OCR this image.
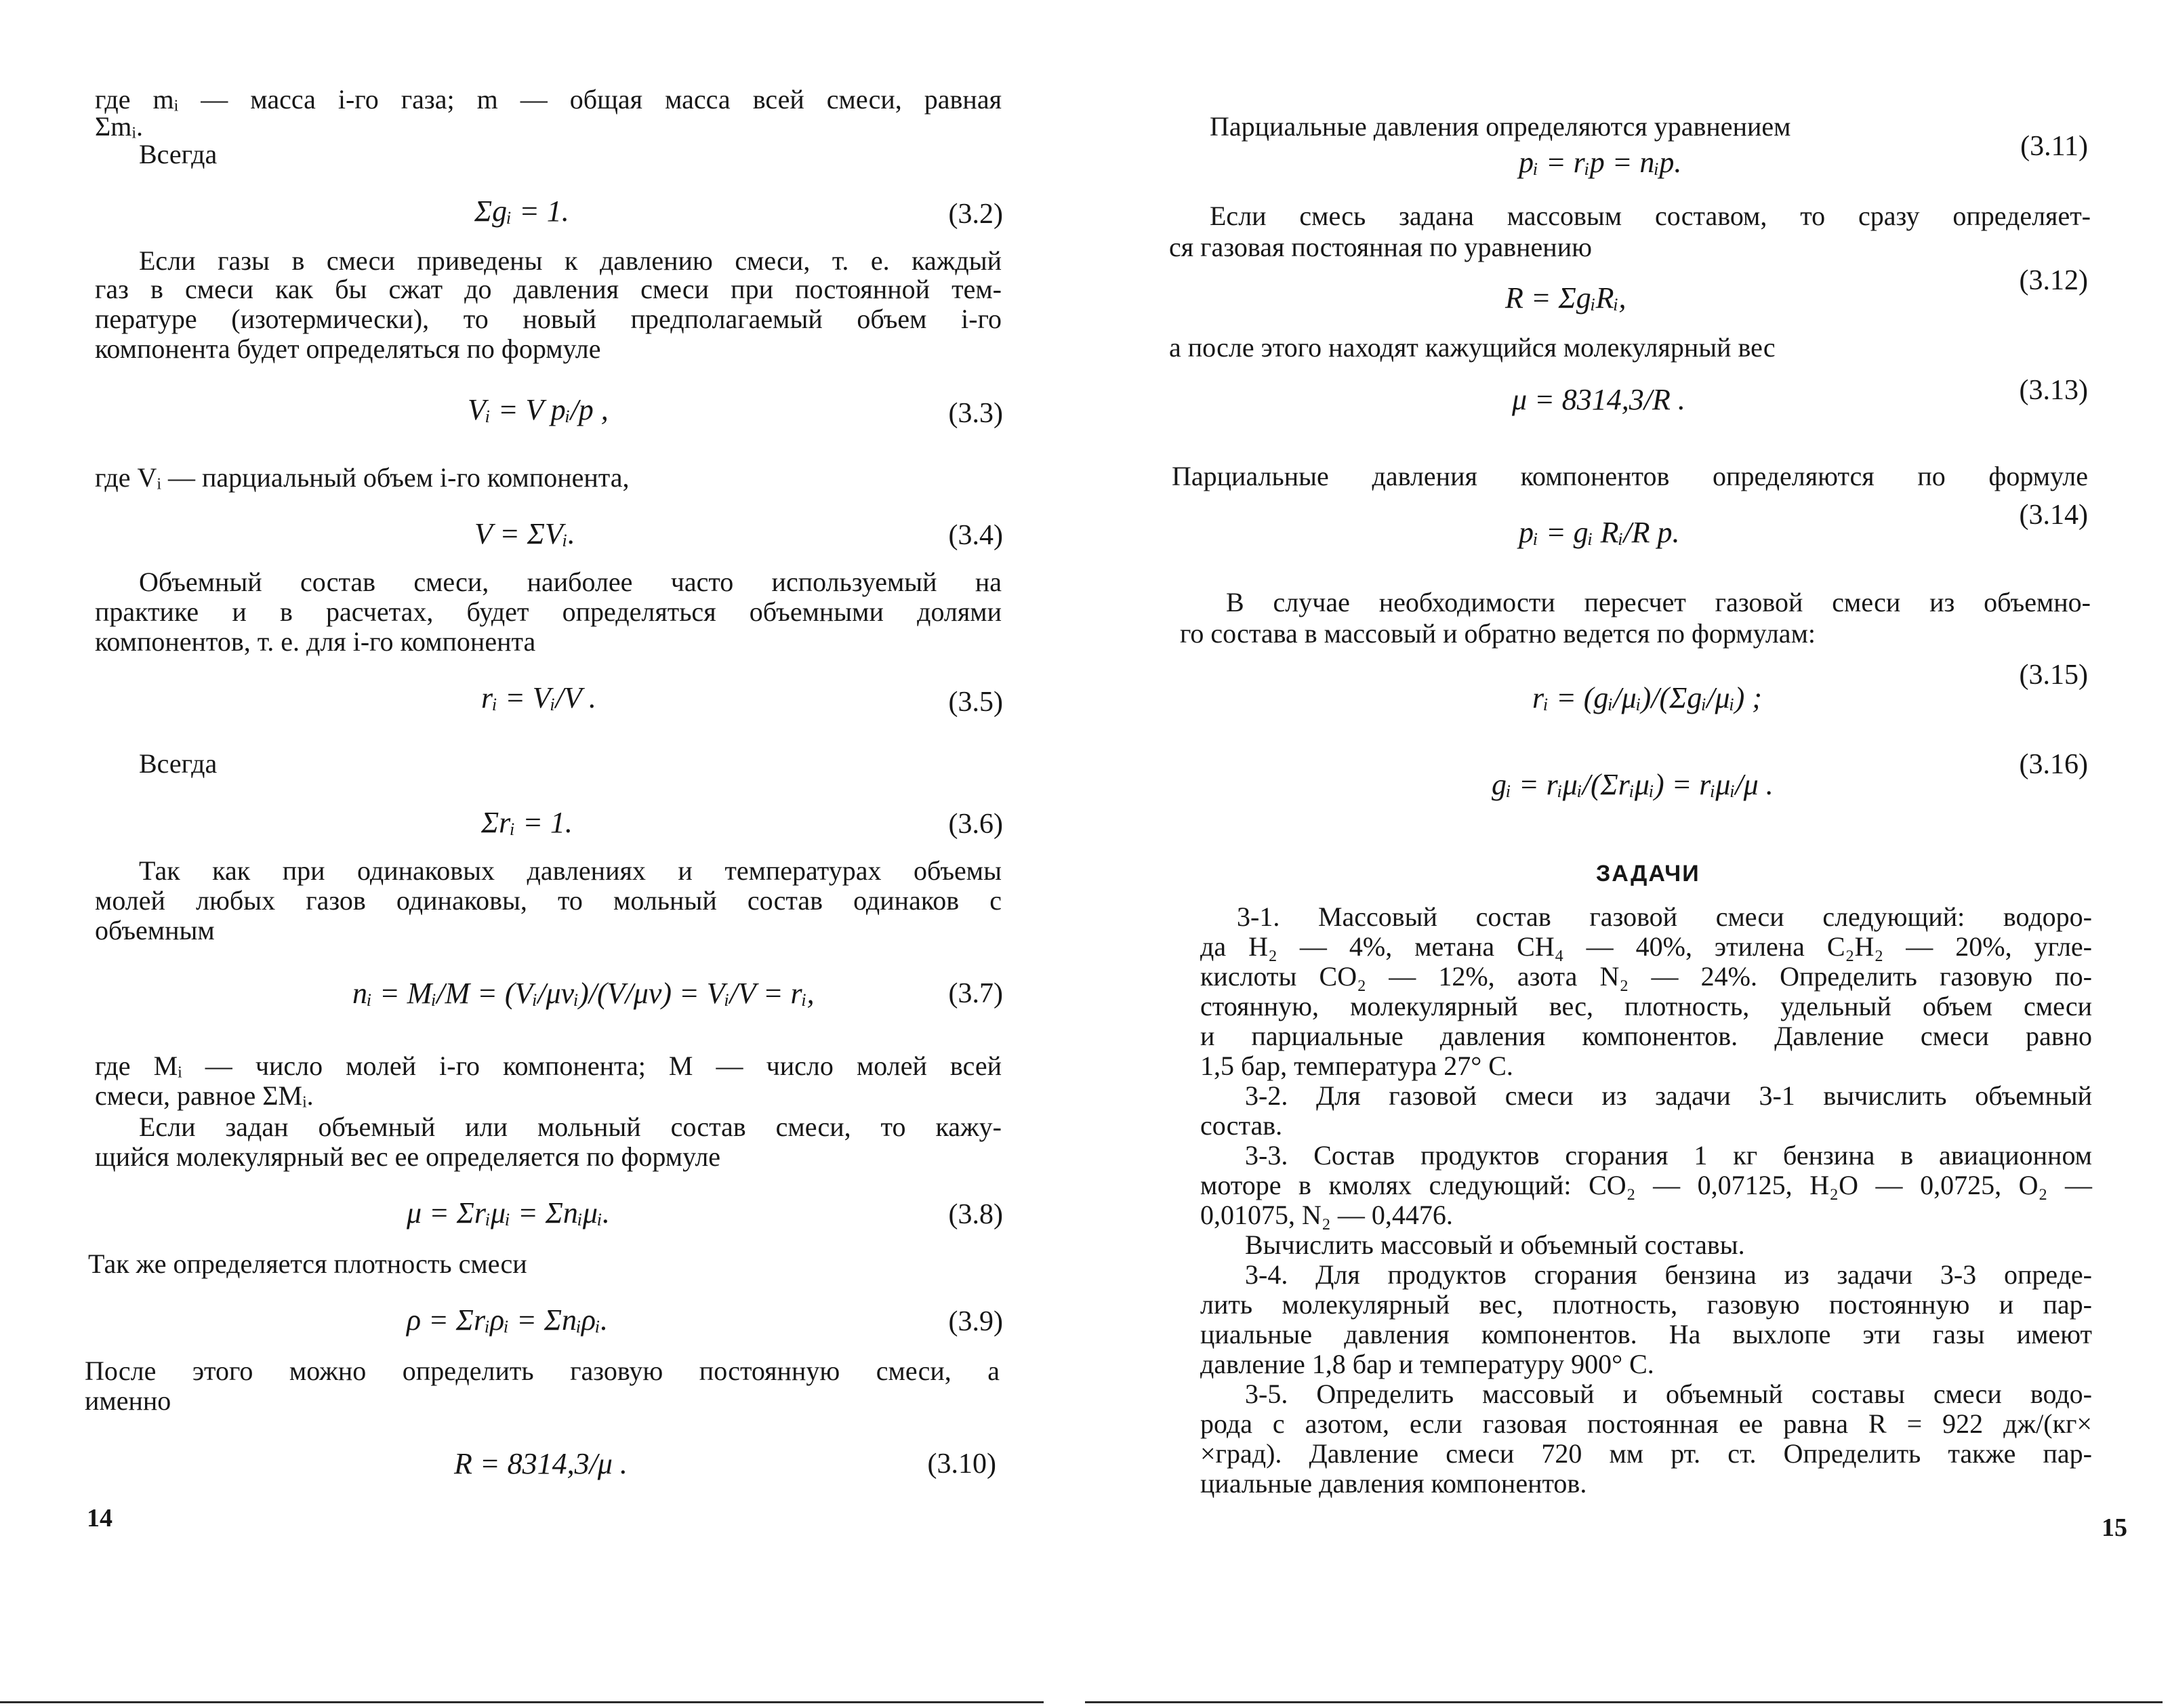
где mᵢ — масса i-го газа; m — общая масса всей смеси, равная
Σmᵢ.
Всегда
Σgᵢ = 1.	(3.2)
Если газы в смеси приведены к давлению смеси, т. е. каждый
газ в смеси как бы сжат до давления смеси при постоянной тем-
пературе (изотермически), то новый предполагаемый объем i-го
компонента будет определяться по формуле
Vᵢ = V pᵢ/p ,	(3.3)
где Vᵢ — парциальный объем i-го компонента,
V = ΣVᵢ.	(3.4)
Объемный состав смеси, наиболее часто используемый на
практике и в расчетах, будет определяться объемными долями
компонентов, т. е. для i-го компонента
rᵢ = Vᵢ/V .	(3.5)
Всегда
Σrᵢ = 1.	(3.6)
Так как при одинаковых давлениях и температурах объемы
молей любых газов одинаковы, то мольный состав одинаков с
объемным
nᵢ = Mᵢ/M = (Vᵢ/μvᵢ)/(V/μv) = Vᵢ/V = rᵢ,	(3.7)
где Mᵢ — число молей i-го компонента; M — число молей всей
смеси, равное ΣMᵢ.
Если задан объемный или мольный состав смеси, то кажу-
щийся молекулярный вес ее определяется по формуле
μ = Σrᵢμᵢ = Σnᵢμᵢ.	(3.8)
Так же определяется плотность смеси
ρ = Σrᵢρᵢ = Σnᵢρᵢ.	(3.9)
После этого можно определить газовую постоянную смеси, а
именно
R = 8314,3/μ .	(3.10)
14
Парциальные давления определяются уравнением
pᵢ = rᵢp = nᵢp.	(3.11)
Если смесь задана массовым составом, то сразу определяет-
ся газовая постоянная по уравнению
R = ΣgᵢRᵢ,
(3.12)
а после этого находят кажущийся молекулярный вес
μ = 8314,3/R .	(3.13)
Парциальные давления компонентов определяются по формуле
pᵢ = gᵢ Rᵢ/R p.
(3.14)
В случае необходимости пересчет газовой смеси из объемно-
го состава в массовый и обратно ведется по формулам:
rᵢ = (gᵢ/μᵢ)/(Σgᵢ/μᵢ) ;
(3.15)
gᵢ = rᵢμᵢ/(Σrᵢμᵢ) = rᵢμᵢ/μ .
(3.16)
ЗАДАЧИ
3-1. Массовый состав газовой смеси следующий: водоро-
да H₂ — 4%, метана CH₄ — 40%, этилена C₂H₂ — 20%, угле-
кислоты CO₂ — 12%, азота N₂ — 24%. Определить газовую по-
стоянную, молекулярный вес, плотность, удельный объем смеси
и парциальные давления компонентов. Давление смеси равно
1,5 бар, температура 27° C.
3-2. Для газовой смеси из задачи 3-1 вычислить объемный
состав.
3-3. Состав продуктов сгорания 1 кг бензина в авиационном
моторе в кмолях следующий: CO₂ — 0,07125, H₂O — 0,0725, O₂ —
0,01075, N₂ — 0,4476.
Вычислить массовый и объемный составы.
3-4. Для продуктов сгорания бензина из задачи 3-3 опреде-
лить молекулярный вес, плотность, газовую постоянную и пар-
циальные давления компонентов. На выхлопе эти газы имеют
давление 1,8 бар и температуру 900° C.
3-5. Определить массовый и объемный составы смеси водо-
рода с азотом, если газовая постоянная ее равна R = 922 дж/(кг×
×град). Давление смеси 720 мм рт. ст. Определить также пар-
циальные давления компонентов.
15
